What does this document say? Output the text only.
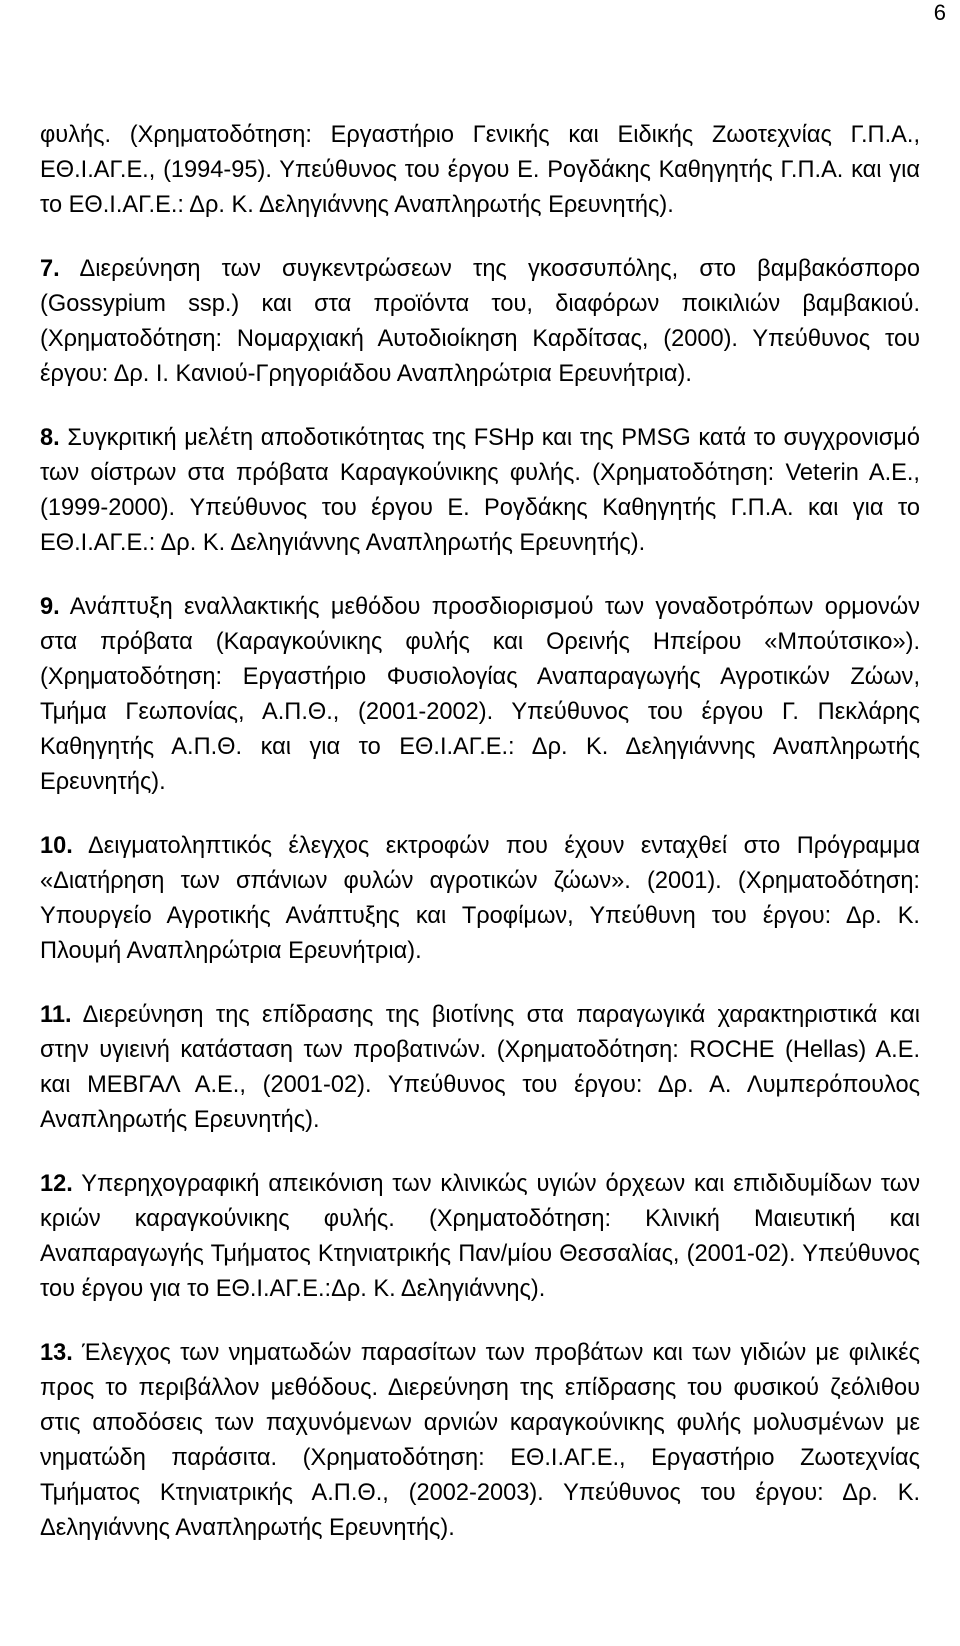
6

φυλής. (Χρηματοδότηση: Εργαστήριο Γενικής και Ειδικής Ζωοτεχνίας Γ.Π.Α., ΕΘ.Ι.ΑΓ.Ε., (1994-95). Υπεύθυνος του έργου Ε. Ρογδάκης Καθηγητής Γ.Π.Α. και για το ΕΘ.Ι.ΑΓ.Ε.: Δρ. Κ. Δεληγιάννης Αναπληρωτής Ερευνητής).

7. Διερεύνηση των συγκεντρώσεων της γκοσσυπόλης, στο βαμβακόσπορο (Gossypium ssp.) και στα προϊόντα του, διαφόρων ποικιλιών βαμβακιού. (Χρηματοδότηση: Νομαρχιακή Αυτοδιοίκηση Καρδίτσας, (2000). Υπεύθυνος του έργου: Δρ. Ι. Κανιού-Γρηγοριάδου Αναπληρώτρια Ερευνήτρια).

8. Συγκριτική μελέτη αποδοτικότητας της FSHp και της PMSG κατά το συγχρονισμό των οίστρων στα πρόβατα Καραγκούνικης φυλής. (Χρηματοδότηση: Veterin A.E., (1999-2000). Υπεύθυνος του έργου Ε. Ρογδάκης Καθηγητής Γ.Π.Α. και για το ΕΘ.Ι.ΑΓ.Ε.: Δρ. Κ. Δεληγιάννης Αναπληρωτής Ερευνητής).

9. Ανάπτυξη εναλλακτικής μεθόδου προσδιορισμού των γοναδοτρόπων ορμονών στα πρόβατα (Καραγκούνικης φυλής και Ορεινής Ηπείρου «Μπούτσικο»). (Χρηματοδότηση: Εργαστήριο Φυσιολογίας Αναπαραγωγής Αγροτικών Ζώων, Τμήμα Γεωπονίας, Α.Π.Θ., (2001-2002). Υπεύθυνος του έργου Γ. Πεκλάρης Καθηγητής Α.Π.Θ. και για το ΕΘ.Ι.ΑΓ.Ε.: Δρ. Κ. Δεληγιάννης Αναπληρωτής Ερευνητής).

10. Δειγματοληπτικός έλεγχος εκτροφών που έχουν ενταχθεί στο Πρόγραμμα «Διατήρηση των σπάνιων φυλών αγροτικών ζώων». (2001). (Χρηματοδότηση: Υπουργείο Αγροτικής Ανάπτυξης και Τροφίμων, Υπεύθυνη του έργου: Δρ. Κ. Πλουμή Αναπληρώτρια Ερευνήτρια).

11. Διερεύνηση της επίδρασης της βιοτίνης στα παραγωγικά χαρακτηριστικά και στην υγιεινή κατάσταση των προβατινών. (Χρηματοδότηση: ROCHE (Hellas) A.E. και ΜΕΒΓΑΛ Α.Ε., (2001-02). Υπεύθυνος του έργου: Δρ. Α. Λυμπερόπουλος Αναπληρωτής Ερευνητής).

12. Υπερηχογραφική απεικόνιση των κλινικώς υγιών όρχεων και επιδιδυμίδων των κριών καραγκούνικης φυλής. (Χρηματοδότηση: Κλινική Μαιευτική και Αναπαραγωγής Τμήματος Κτηνιατρικής Παν/μίου Θεσσαλίας, (2001-02). Υπεύθυνος του έργου για το ΕΘ.Ι.ΑΓ.Ε.:Δρ. Κ. Δεληγιάννης).

13. Έλεγχος των νηματωδών παρασίτων των προβάτων και των γιδιών με φιλικές προς το περιβάλλον μεθόδους. Διερεύνηση της επίδρασης του φυσικού ζεόλιθου στις αποδόσεις των παχυνόμενων αρνιών καραγκούνικης φυλής μολυσμένων με νηματώδη παράσιτα. (Χρηματοδότηση: ΕΘ.Ι.ΑΓ.Ε., Εργαστήριο Ζωοτεχνίας Τμήματος Κτηνιατρικής Α.Π.Θ., (2002-2003). Υπεύθυνος του έργου: Δρ. Κ. Δεληγιάννης Αναπληρωτής Ερευνητής).
